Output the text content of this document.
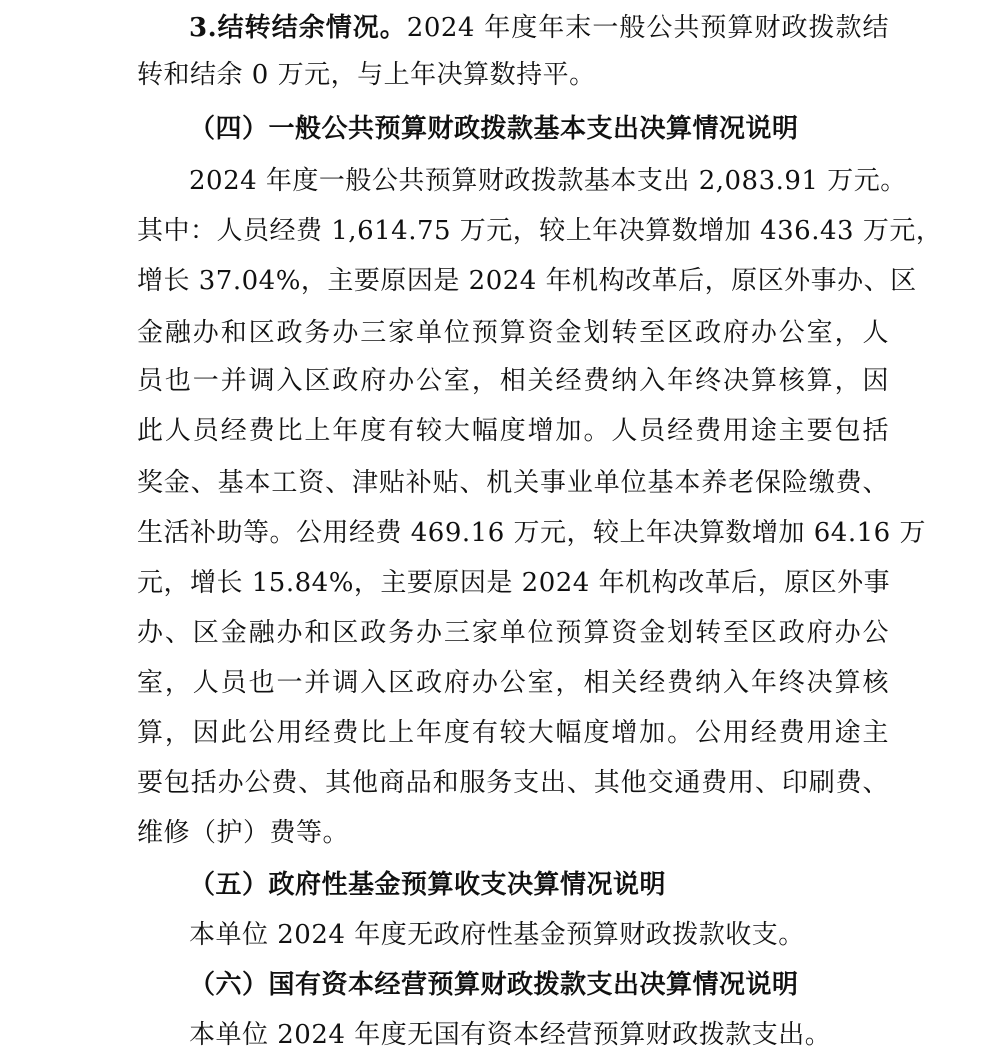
3.结转结余情况。2024 年度年末一般公共预算财政拨款结
转和结余 0 万元，与上年决算数持平。
（四）一般公共预算财政拨款基本支出决算情况说明
2024 年度一般公共预算财政拨款基本支出 2,083.91 万元。
其中：人员经费 1,614.75 万元，较上年决算数增加 436.43 万元，
增长 37.04%，主要原因是 2024 年机构改革后，原区外事办、区
金融办和区政务办三家单位预算资金划转至区政府办公室，人
员也一并调入区政府办公室，相关经费纳入年终决算核算，因
此人员经费比上年度有较大幅度增加。人员经费用途主要包括
奖金、基本工资、津贴补贴、机关事业单位基本养老保险缴费、
生活补助等。公用经费 469.16 万元，较上年决算数增加 64.16 万
元，增长 15.84%，主要原因是 2024 年机构改革后，原区外事
办、区金融办和区政务办三家单位预算资金划转至区政府办公
室，人员也一并调入区政府办公室，相关经费纳入年终决算核
算，因此公用经费比上年度有较大幅度增加。公用经费用途主
要包括办公费、其他商品和服务支出、其他交通费用、印刷费、
维修（护）费等。
（五）政府性基金预算收支决算情况说明
本单位 2024 年度无政府性基金预算财政拨款收支。
（六）国有资本经营预算财政拨款支出决算情况说明
本单位 2024 年度无国有资本经营预算财政拨款支出。
